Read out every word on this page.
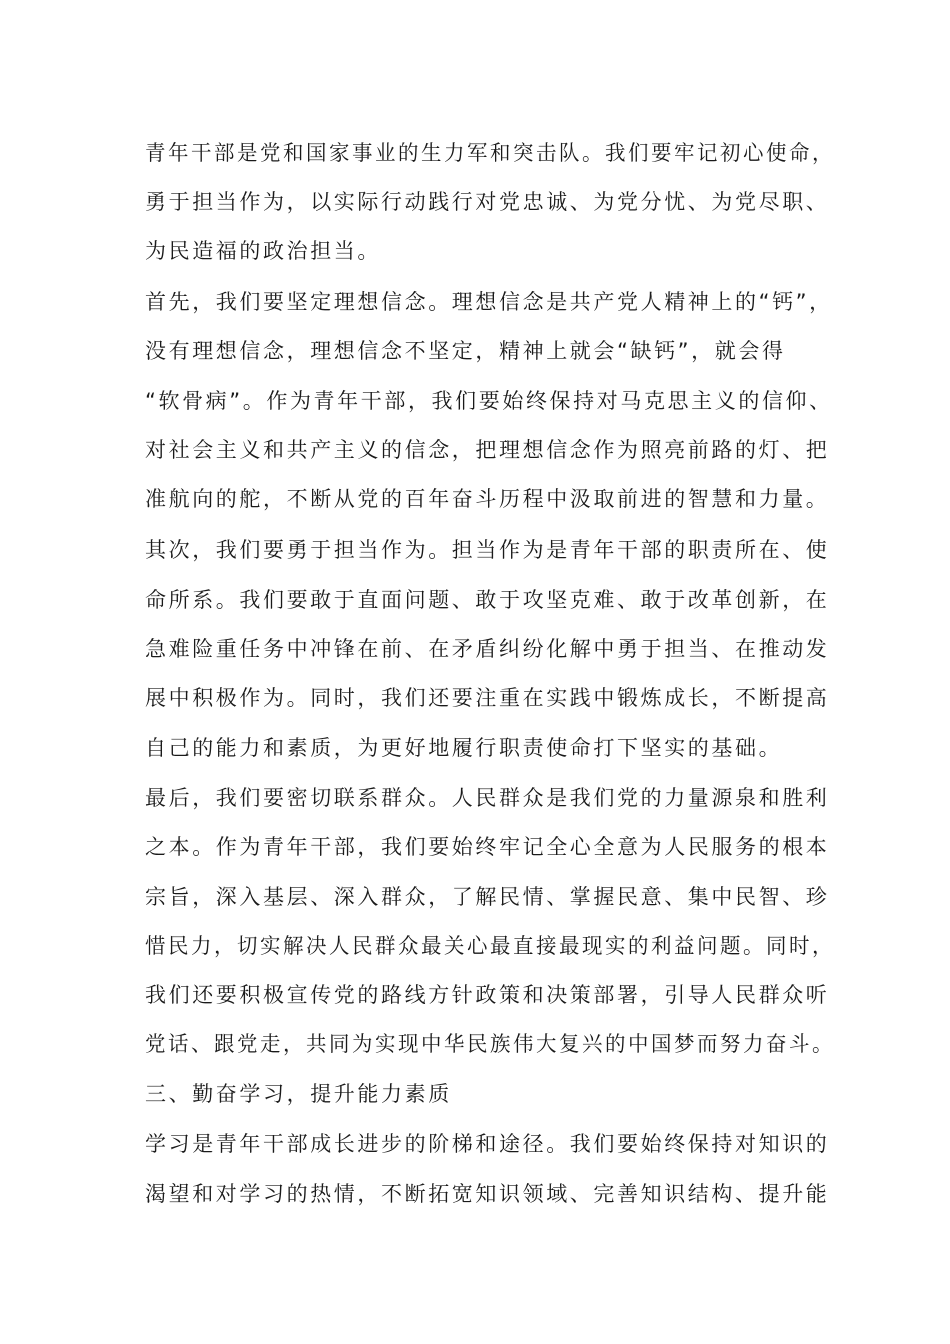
青年干部是党和国家事业的生力军和突击队。我们要牢记初心使命，
勇于担当作为，以实际行动践行对党忠诚、为党分忧、为党尽职、
为民造福的政治担当。
首先，我们要坚定理想信念。理想信念是共产党人精神上的“钙”，
没有理想信念，理想信念不坚定，精神上就会“缺钙”，就会得
“软骨病”。作为青年干部，我们要始终保持对马克思主义的信仰、
对社会主义和共产主义的信念，把理想信念作为照亮前路的灯、把
准航向的舵，不断从党的百年奋斗历程中汲取前进的智慧和力量。
其次，我们要勇于担当作为。担当作为是青年干部的职责所在、使
命所系。我们要敢于直面问题、敢于攻坚克难、敢于改革创新，在
急难险重任务中冲锋在前、在矛盾纠纷化解中勇于担当、在推动发
展中积极作为。同时，我们还要注重在实践中锻炼成长，不断提高
自己的能力和素质，为更好地履行职责使命打下坚实的基础。
最后，我们要密切联系群众。人民群众是我们党的力量源泉和胜利
之本。作为青年干部，我们要始终牢记全心全意为人民服务的根本
宗旨，深入基层、深入群众，了解民情、掌握民意、集中民智、珍
惜民力，切实解决人民群众最关心最直接最现实的利益问题。同时，
我们还要积极宣传党的路线方针政策和决策部署，引导人民群众听
党话、跟党走，共同为实现中华民族伟大复兴的中国梦而努力奋斗。
三、勤奋学习，提升能力素质
学习是青年干部成长进步的阶梯和途径。我们要始终保持对知识的
渴望和对学习的热情，不断拓宽知识领域、完善知识结构、提升能
